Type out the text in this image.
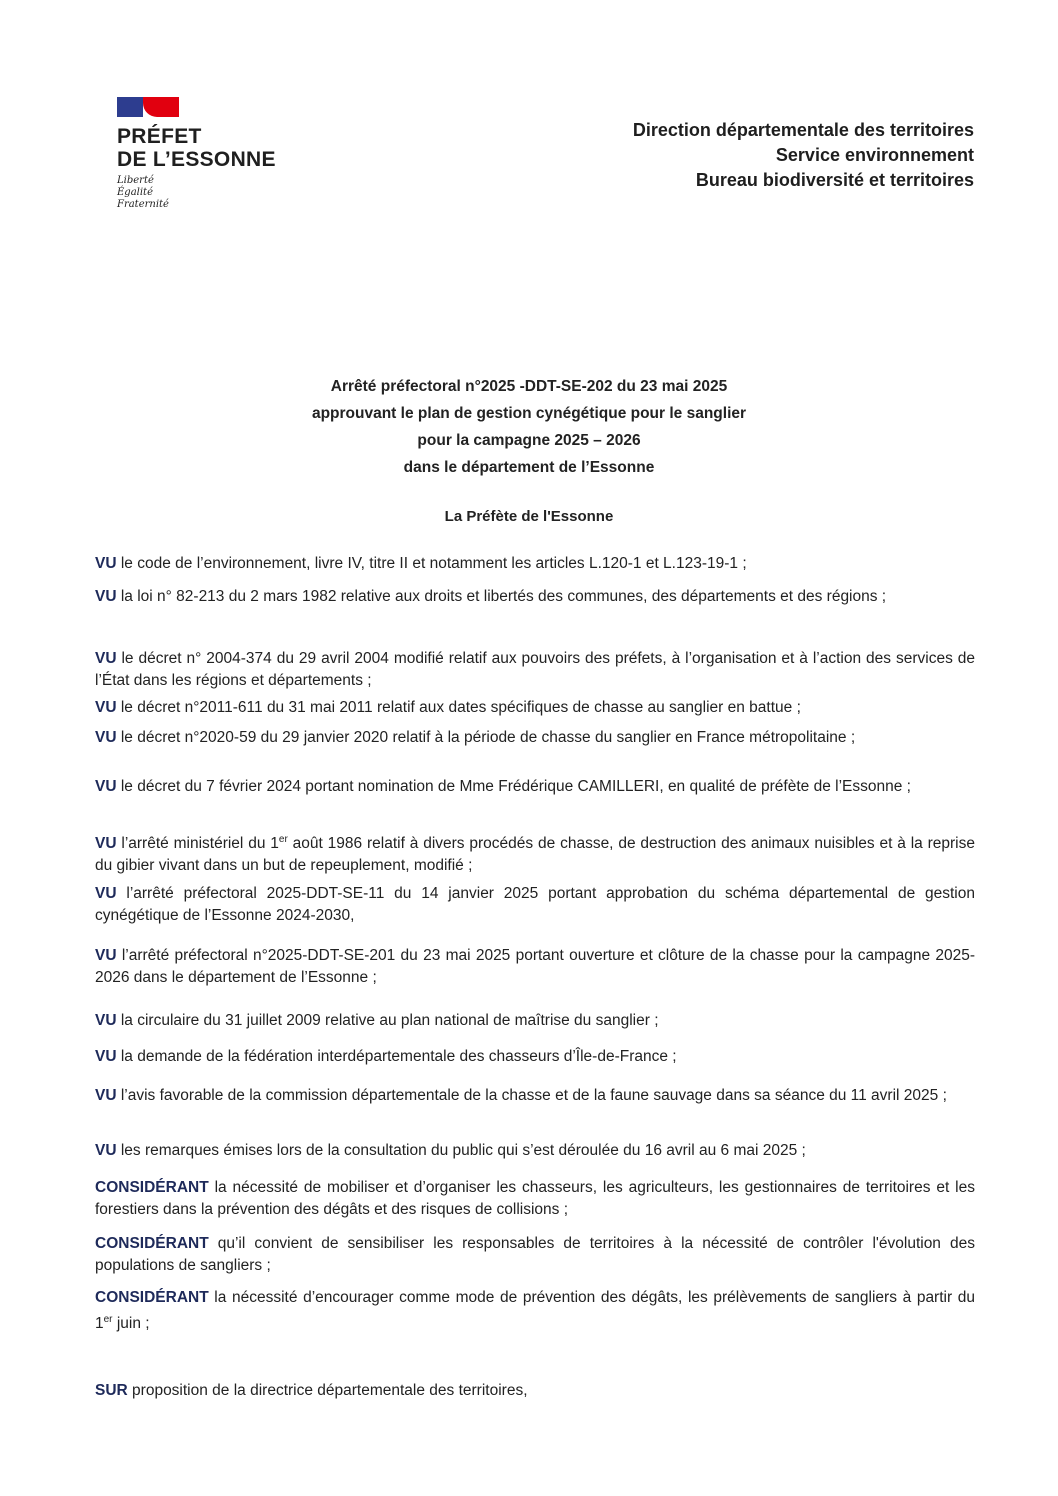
PRÉFET
DE L’ESSONNE
Liberté
Égalité
Fraternité
Direction départementale des territoires
Service environnement
Bureau biodiversité et territoires
Arrêté préfectoral n°2025 -DDT-SE-202 du 23 mai 2025
approuvant le plan de gestion cynégétique pour le sanglier
pour la campagne 2025 – 2026
dans le département de l’Essonne
La Préfète de l'Essonne
VU le code de l’environnement, livre IV, titre II et notamment les articles L.120-1 et L.123-19-1 ;
VU la loi n° 82-213 du 2 mars 1982 relative aux droits et libertés des communes, des départements et des régions ;
VU le décret n° 2004-374 du 29 avril 2004 modifié relatif aux pouvoirs des préfets, à l’organisation et à l’action des services de l’État dans les régions et départements ;
VU le décret n°2011-611 du 31 mai 2011 relatif aux dates spécifiques de chasse au sanglier en battue ;
VU le décret n°2020-59 du 29 janvier 2020 relatif à la période de chasse du sanglier en France métropolitaine ;
VU le décret du 7 février 2024 portant nomination de Mme Frédérique CAMILLERI, en qualité de préfète de l’Essonne ;
VU l’arrêté ministériel du 1er août 1986 relatif à divers procédés de chasse, de destruction des animaux nuisibles et à la reprise du gibier vivant dans un but de repeuplement, modifié ;
VU l’arrêté préfectoral 2025-DDT-SE-11 du 14 janvier 2025 portant approbation du schéma départemental de gestion cynégétique de l’Essonne 2024-2030,
VU l’arrêté préfectoral n°2025-DDT-SE-201 du 23 mai 2025 portant ouverture et clôture de la chasse pour la campagne 2025-2026 dans le département de l’Essonne ;
VU la circulaire du 31 juillet 2009 relative au plan national de maîtrise du sanglier ;
VU la demande de la fédération interdépartementale des chasseurs d’Île-de-France ;
VU l’avis favorable de la commission départementale de la chasse et de la faune sauvage dans sa séance du 11 avril 2025 ;
VU les remarques émises lors de la consultation du public qui s’est déroulée du 16 avril au 6 mai 2025 ;
CONSIDÉRANT la nécessité de mobiliser et d’organiser les chasseurs, les agriculteurs, les gestionnaires de territoires et les forestiers dans la prévention des dégâts et des risques de collisions ;
CONSIDÉRANT qu’il convient de sensibiliser les responsables de territoires à la nécessité de contrôler l'évolution des populations de sangliers ;
CONSIDÉRANT la nécessité d’encourager comme mode de prévention des dégâts, les prélèvements de sangliers à partir du 1er juin ;
SUR proposition de la directrice départementale des territoires,
